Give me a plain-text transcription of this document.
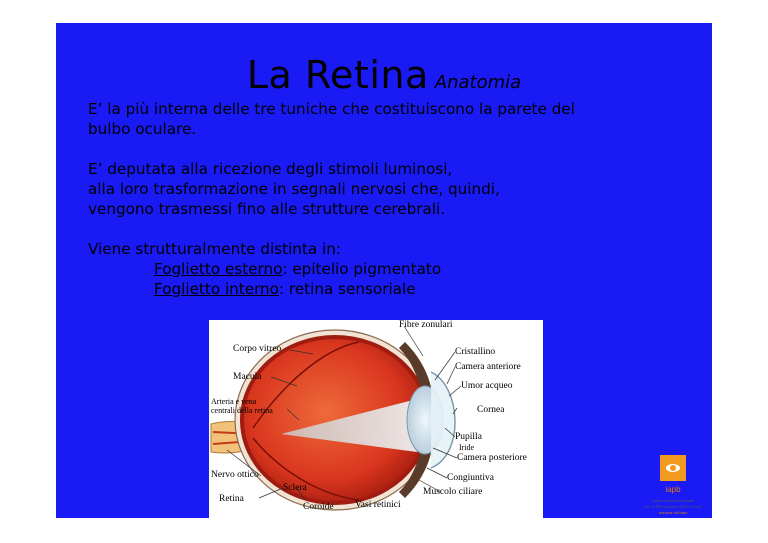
La Retina Anatomia
E’ la più interna delle tre tuniche che costituiscono la parete del
bulbo oculare.
E’ deputata alla ricezione degli stimoli luminosi,
alla loro trasformazione in segnali nervosi che, quindi,
vengono trasmessi fino alle strutture cerebrali.
Viene strutturalmente distinta in:
Foglietto esterno: epitelio pigmentato
Foglietto interno: retina sensoriale
Fibre zonulari
Corpo vitreo	Cristallino
Camera anteriore
Macula
Umor acqueo
Arteria e vena
centrali della retina	Cornea
Pupilla
Iride
Camera posteriore
Nervo ottico	Congiuntiva
Sclera	Muscolo ciliare
Retina
Coroide Vasi retinici
iapb
Agenzia Internazionale
per la Prevenzione della Cecità
sezione italiana
